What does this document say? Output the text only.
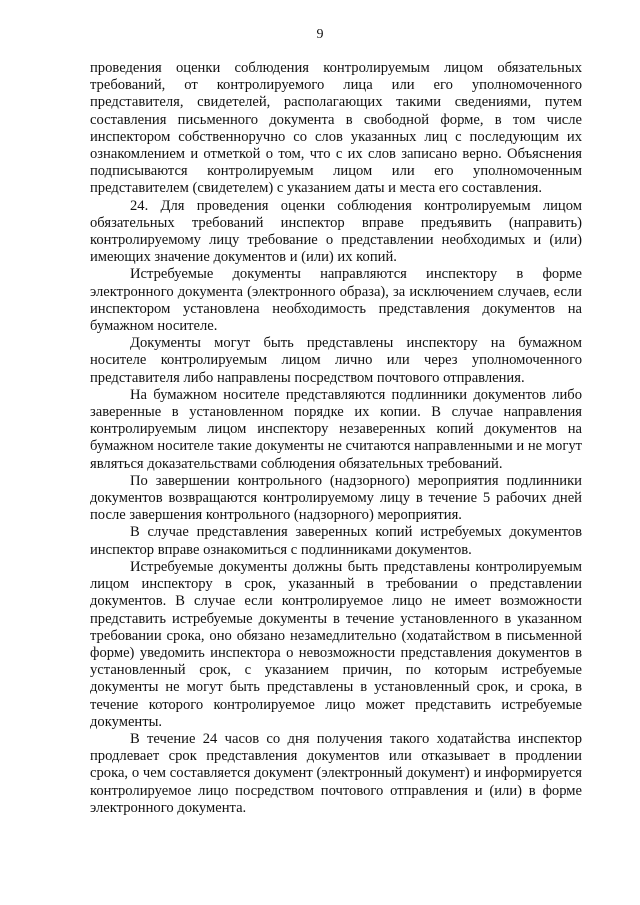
9

проведения оценки соблюдения контролируемым лицом обязательных требований, от контролируемого лица или его уполномоченного представителя, свидетелей, располагающих такими сведениями, путем составления письменного документа в свободной форме, в том числе инспектором собственноручно со слов указанных лиц с последующим их ознакомлением и отметкой о том, что с их слов записано верно. Объяснения подписываются контролируемым лицом или его уполномоченным представителем (свидетелем) с указанием даты и места его составления.

24. Для проведения оценки соблюдения контролируемым лицом обязательных требований инспектор вправе предъявить (направить) контролируемому лицу требование о представлении необходимых и (или) имеющих значение документов и (или) их копий.

Истребуемые документы направляются инспектору в форме электронного документа (электронного образа), за исключением случаев, если инспектором установлена необходимость представления документов на бумажном носителе.

Документы могут быть представлены инспектору на бумажном носителе контролируемым лицом лично или через уполномоченного представителя либо направлены посредством почтового отправления.

На бумажном носителе представляются подлинники документов либо заверенные в установленном порядке их копии. В случае направления контролируемым лицом инспектору незаверенных копий документов на бумажном носителе такие документы не считаются направленными и не могут являться доказательствами соблюдения обязательных требований.

По завершении контрольного (надзорного) мероприятия подлинники документов возвращаются контролируемому лицу в течение 5 рабочих дней после завершения контрольного (надзорного) мероприятия.

В случае представления заверенных копий истребуемых документов инспектор вправе ознакомиться с подлинниками документов.

Истребуемые документы должны быть представлены контролируемым лицом инспектору в срок, указанный в требовании о представлении документов. В случае если контролируемое лицо не имеет возможности представить истребуемые документы в течение установленного в указанном требовании срока, оно обязано незамедлительно (ходатайством в письменной форме) уведомить инспектора о невозможности представления документов в установленный срок, с указанием причин, по которым истребуемые документы не могут быть представлены в установленный срок, и срока, в течение которого контролируемое лицо может представить истребуемые документы.

В течение 24 часов со дня получения такого ходатайства инспектор продлевает срок представления документов или отказывает в продлении срока, о чем составляется документ (электронный документ) и информируется контролируемое лицо посредством почтового отправления и (или) в форме электронного документа.
